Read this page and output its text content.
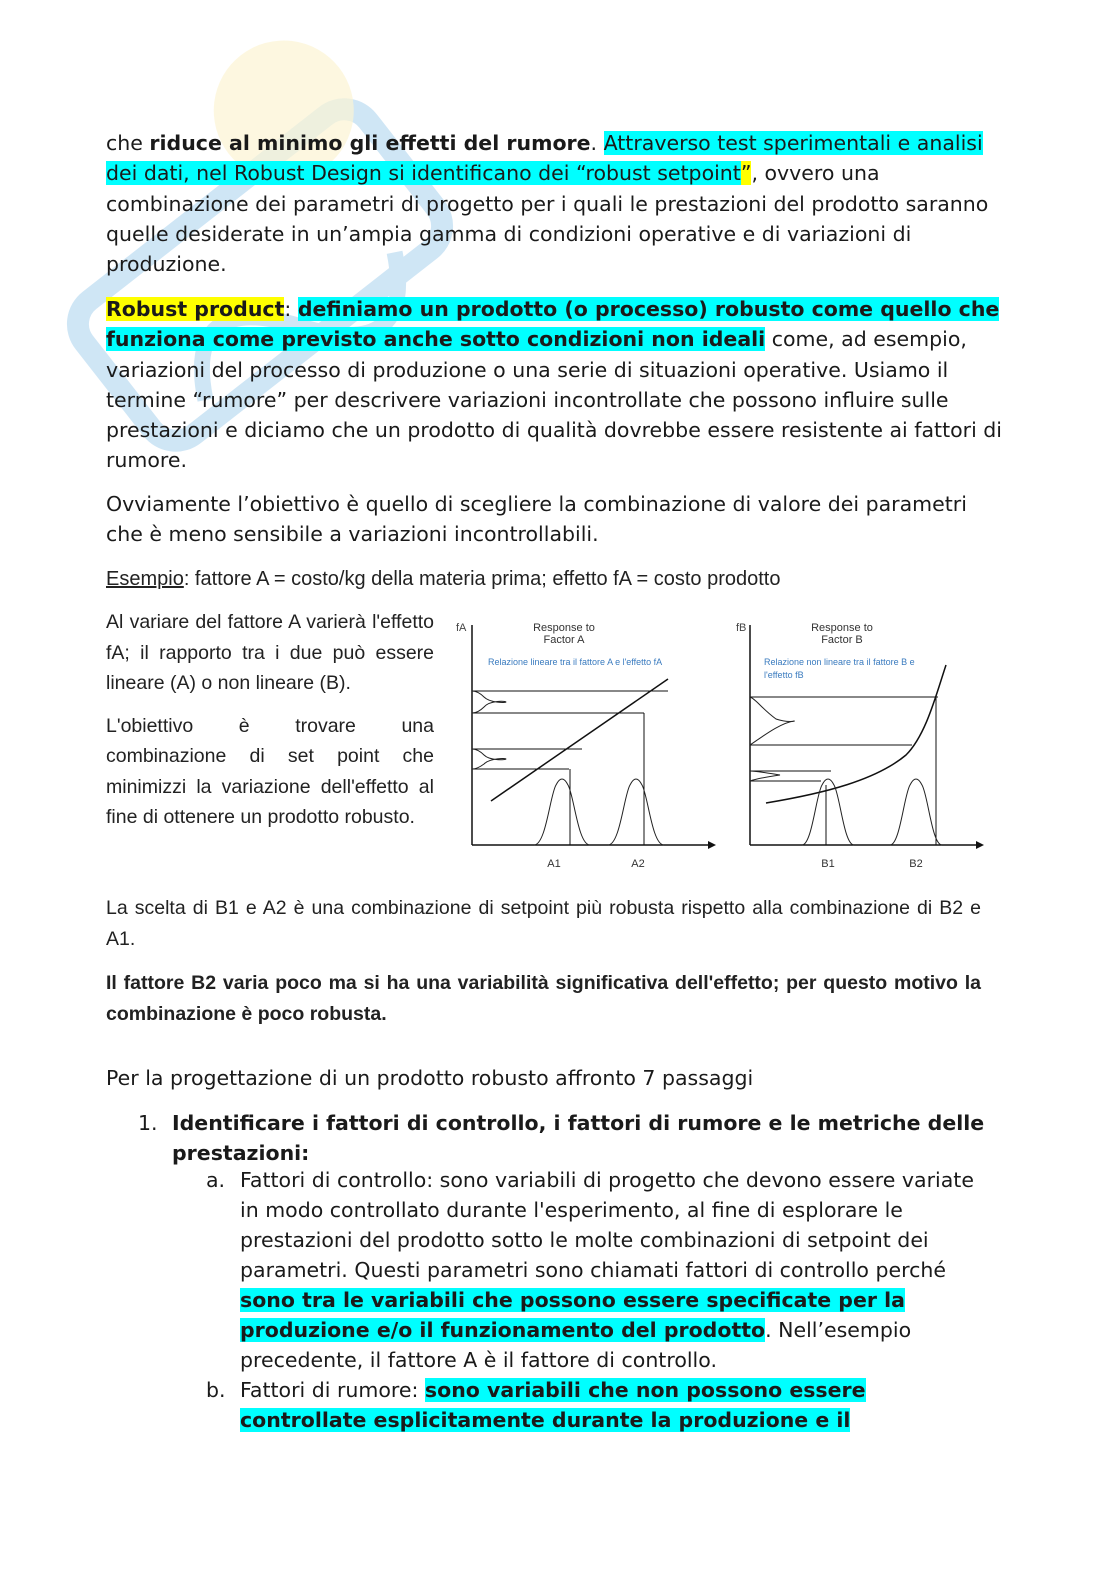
che riduce al minimo gli effetti del rumore. Attraverso test sperimentali e analisi dei dati, nel Robust Design si identificano dei “robust setpoint”, ovvero una combinazione dei parametri di progetto per i quali le prestazioni del prodotto saranno quelle desiderate in un’ampia gamma di condizioni operative e di variazioni di produzione.

Robust product: definiamo un prodotto (o processo) robusto come quello che funziona come previsto anche sotto condizioni non ideali come, ad esempio, variazioni del processo di produzione o una serie di situazioni operative. Usiamo il termine “rumore” per descrivere variazioni incontrollate che possono influire sulle prestazioni e diciamo che un prodotto di qualità dovrebbe essere resistente ai fattori di rumore.

Ovviamente l’obiettivo è quello di scegliere la combinazione di valore dei parametri che è meno sensibile a variazioni incontrollabili.

Esempio: fattore A = costo/kg della materia prima; effetto fA = costo prodotto

Al variare del fattore A varierà l'effetto fA; il rapporto tra i due può essere lineare (A) o non lineare (B).

L'obiettivo è trovare una combinazione di set point che minimizzi la variazione dell'effetto al fine di ottenere un prodotto robusto.

fA	Response to
Factor A
Relazione lineare tra il fattore A e l'effetto fA
A1	A2
fB	Response to
Factor B
Relazione non lineare tra il fattore B e
l'effetto fB
B1	B2

La scelta di B1 e A2 è una combinazione di setpoint più robusta rispetto alla combinazione di B2 e A1.

Il fattore B2 varia poco ma si ha una variabilità significativa dell'effetto; per questo motivo la combinazione è poco robusta.

Per la progettazione di un prodotto robusto affronto 7 passaggi

1. Identificare i fattori di controllo, i fattori di rumore e le metriche delle prestazioni:
a. Fattori di controllo: sono variabili di progetto che devono essere variate in modo controllato durante l'esperimento, al fine di esplorare le prestazioni del prodotto sotto le molte combinazioni di setpoint dei parametri. Questi parametri sono chiamati fattori di controllo perché sono tra le variabili che possono essere specificate per la produzione e/o il funzionamento del prodotto. Nell’esempio precedente, il fattore A è il fattore di controllo.
b. Fattori di rumore: sono variabili che non possono essere controllate esplicitamente durante la produzione e il
